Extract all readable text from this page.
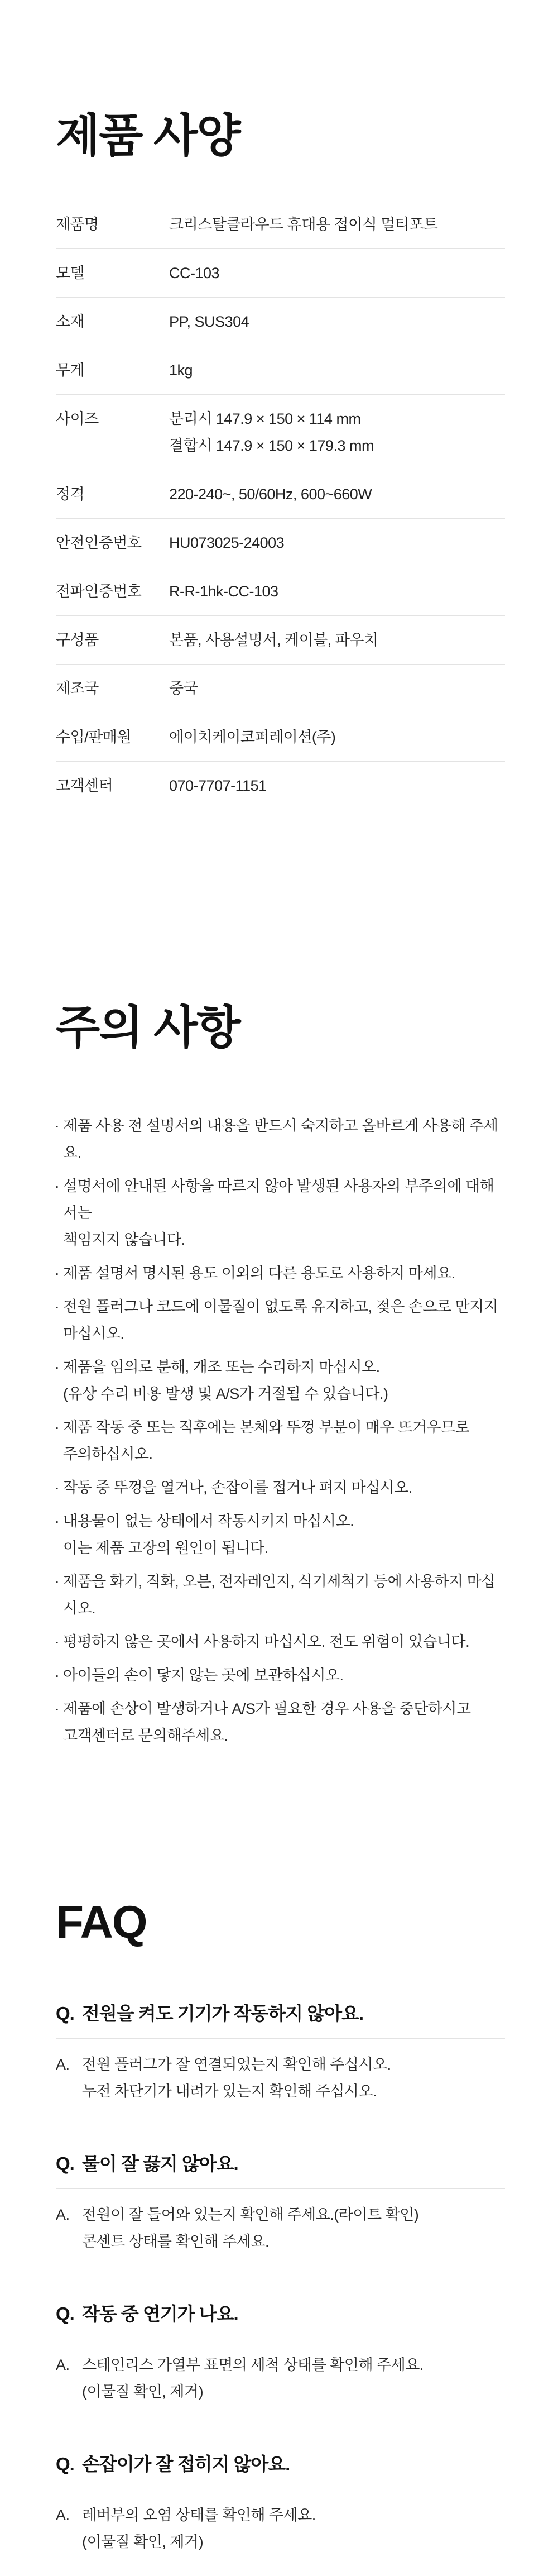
제품 사양
제품명	크리스탈클라우드 휴대용 접이식 멀티포트
모델	CC-103
소재	PP, SUS304
무게	1kg
사이즈	분리시 147.9 × 150 × 114 mm
결합시 147.9 × 150 × 179.3 mm
정격	220-240~, 50/60Hz, 600~660W
안전인증번호	HU073025-24003
전파인증번호	R-R-1hk-CC-103
구성품	본품, 사용설명서, 케이블, 파우치
제조국	중국
수입/판매원	에이치케이코퍼레이션(주)
고객센터	070-7707-1151
주의 사항
· 제품 사용 전 설명서의 내용을 반드시 숙지하고 올바르게 사용해 주세요.
· 설명서에 안내된 사항을 따르지 않아 발생된 사용자의 부주의에 대해서는
책임지지 않습니다.
· 제품 설명서 명시된 용도 이외의 다른 용도로 사용하지 마세요.
· 전원 플러그나 코드에 이물질이 없도록 유지하고, 젖은 손으로 만지지
마십시오.
· 제품을 임의로 분해, 개조 또는 수리하지 마십시오.
(유상 수리 비용 발생 및 A/S가 거절될 수 있습니다.)
· 제품 작동 중 또는 직후에는 본체와 뚜껑 부분이 매우 뜨거우므로
주의하십시오.
· 작동 중 뚜껑을 열거나, 손잡이를 접거나 펴지 마십시오.
· 내용물이 없는 상태에서 작동시키지 마십시오.
이는 제품 고장의 원인이 됩니다.
· 제품을 화기, 직화, 오븐, 전자레인지, 식기세척기 등에 사용하지 마십시오.
· 평평하지 않은 곳에서 사용하지 마십시오. 전도 위험이 있습니다.
· 아이들의 손이 닿지 않는 곳에 보관하십시오.
· 제품에 손상이 발생하거나 A/S가 필요한 경우 사용을 중단하시고
고객센터로 문의해주세요.
FAQ
Q. 전원을 켜도 기기가 작동하지 않아요.
A. 전원 플러그가 잘 연결되었는지 확인해 주십시오.
누전 차단기가 내려가 있는지 확인해 주십시오.
Q. 물이 잘 끓지 않아요.
A. 전원이 잘 들어와 있는지 확인해 주세요.(라이트 확인)
콘센트 상태를 확인해 주세요.
Q. 작동 중 연기가 나요.
A. 스테인리스 가열부 표면의 세척 상태를 확인해 주세요.
(이물질 확인, 제거)
Q. 손잡이가 잘 접히지 않아요.
A. 레버부의 오염 상태를 확인해 주세요.
(이물질 확인, 제거)
